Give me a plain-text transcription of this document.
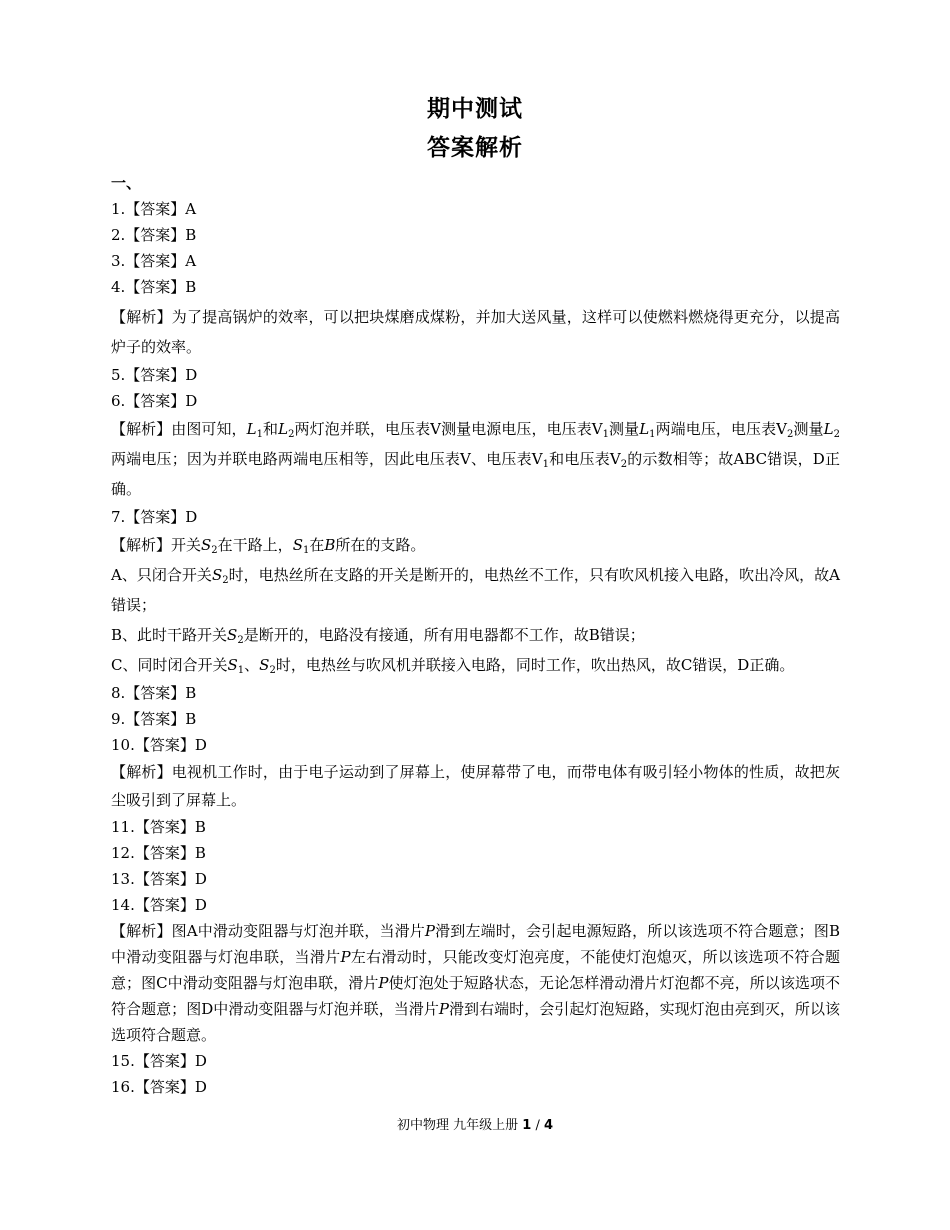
期中测试
答案解析
一、
1.【答案】A
2.【答案】B
3.【答案】A
4.【答案】B

【解析】为了提高锅炉的效率，可以把块煤磨成煤粉，并加大送风量，这样可以使燃料燃烧得更充分，以提高炉子的效率。

5.【答案】D
6.【答案】D

【解析】由图可知，$L_1$和$L_2$两灯泡并联，电压表V测量电源电压，电压表$V_1$测量$L_1$两端电压，电压表$V_2$测量$L_2$两端电压；因为并联电路两端电压相等，因此电压表V、电压表$V_1$和电压表$V_2$的示数相等；故ABC错误，D正确。

7.【答案】D

【解析】开关$S_2$在干路上，$S_1$在B所在的支路。

A、只闭合开关$S_2$时，电热丝所在支路的开关是断开的，电热丝不工作，只有吹风机接入电路，吹出冷风，故A错误；

B、此时干路开关$S_2$是断开的，电路没有接通，所有用电器都不工作，故B错误；

C、同时闭合开关$S_1$、$S_2$时，电热丝与吹风机并联接入电路，同时工作，吹出热风，故C错误，D正确。

8.【答案】B
9.【答案】B
10.【答案】D

【解析】电视机工作时，由于电子运动到了屏幕上，使屏幕带了电，而带电体有吸引轻小物体的性质，故把灰尘吸引到了屏幕上。

11.【答案】B
12.【答案】B
13.【答案】D
14.【答案】D

【解析】图A中滑动变阻器与灯泡并联，当滑片P滑到左端时，会引起电源短路，所以该选项不符合题意；图B中滑动变阻器与灯泡串联，当滑片P左右滑动时，只能改变灯泡亮度，不能使灯泡熄灭，所以该选项不符合题意；图C中滑动变阻器与灯泡串联，滑片P使灯泡处于短路状态，无论怎样滑动滑片灯泡都不亮，所以该选项不符合题意；图D中滑动变阻器与灯泡并联，当滑片P滑到右端时，会引起灯泡短路，实现灯泡由亮到灭，所以该选项符合题意。

15.【答案】D
16.【答案】D
初中物理 九年级上册 1 / 4
